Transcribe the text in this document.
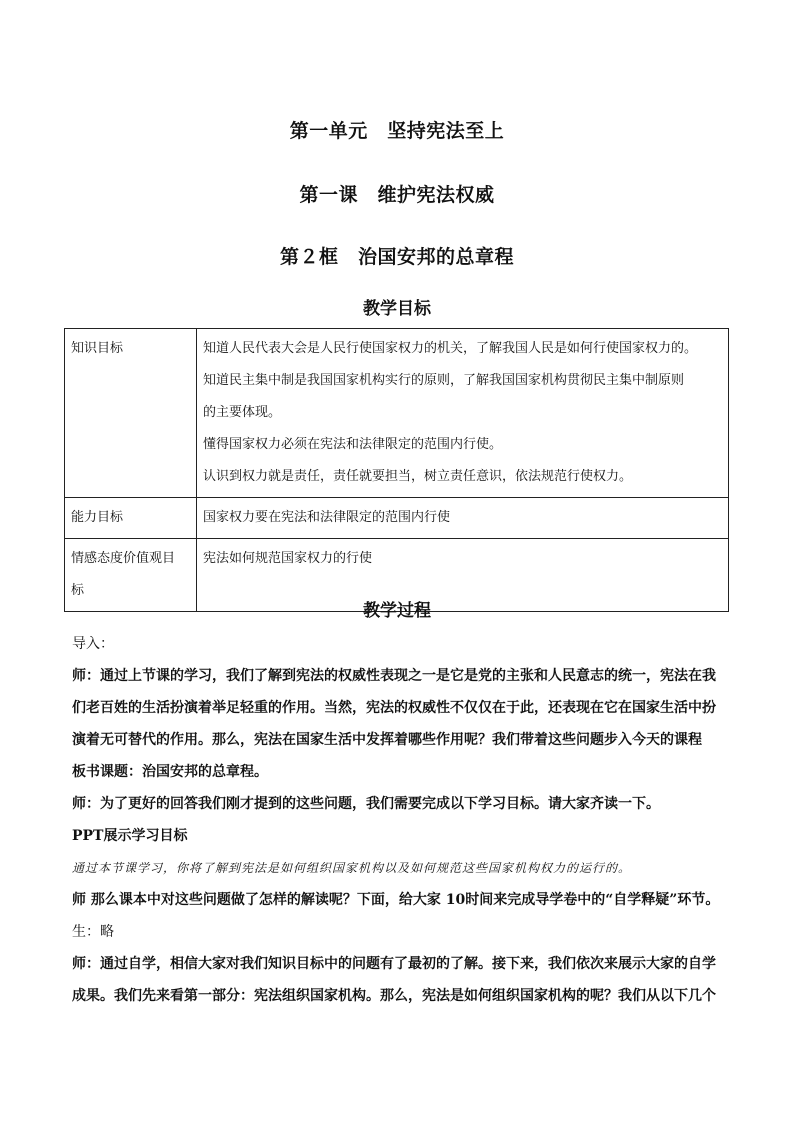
第一单元　坚持宪法至上
第一课　维护宪法权威
第２框　治国安邦的总章程
教学目标
知识目标	知道人民代表大会是人民行使国家权力的机关，了解我国人民是如何行使国家权力的。
知道民主集中制是我国国家机构实行的原则，了解我国国家机构贯彻民主集中制原则
的主要体现。
懂得国家权力必须在宪法和法律限定的范围内行使。
认识到权力就是责任，责任就要担当，树立责任意识，依法规范行使权力。

能力目标	国家权力要在宪法和法律限定的范围内行使

情感态度价值观目
标	宪法如何规范国家权力的行使
教学过程
导入：
师：通过上节课的学习，我们了解到宪法的权威性表现之一是它是党的主张和人民意志的统一，宪法在我
们老百姓的生活扮演着举足轻重的作用。当然，宪法的权威性不仅仅在于此，还表现在它在国家生活中扮
演着无可替代的作用。那么，宪法在国家生活中发挥着哪些作用呢？我们带着这些问题步入今天的课程
板书课题：治国安邦的总章程。
师：为了更好的回答我们刚才提到的这些问题，我们需要完成以下学习目标。请大家齐读一下。
PPT展示学习目标
通过本节课学习，你将了解到宪法是如何组织国家机构以及如何规范这些国家机构权力的运行的。
师 那么课本中对这些问题做了怎样的解读呢？下面，给大家 10时间来完成导学卷中的“自学释疑”环节。
生：略
师：通过自学，相信大家对我们知识目标中的问题有了最初的了解。接下来，我们依次来展示大家的自学
成果。我们先来看第一部分：宪法组织国家机构。那么，宪法是如何组织国家机构的呢？我们从以下几个
